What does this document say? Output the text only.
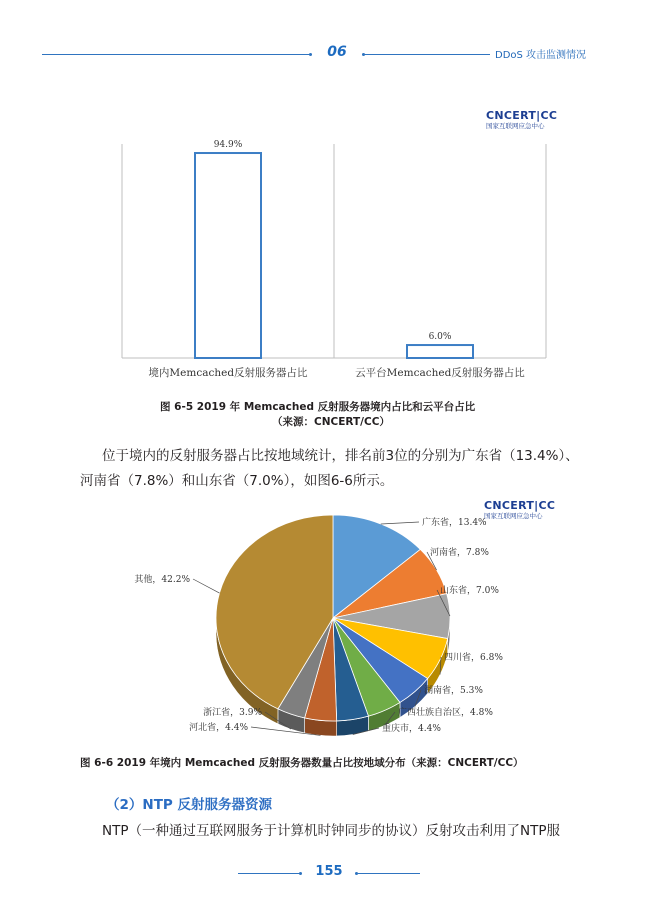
06	DDoS 攻击监测情况
94.9%
6.0%
境内Memcached反射服务器占比	云平台Memcached反射服务器占比
CNCERT|CC
国家互联网应急中心
图 6-5 2019 年 Memcached 反射服务器境内占比和云平台占比
（来源：CNCERT/CC）
位于境内的反射服务器占比按地域统计，排名前3位的分别为广东省（13.4%）、
河南省（7.8%）和山东省（7.0%），如图6-6所示。
CNCERT|CC
国家互联网应急中心
广东省，13.4%
河南省，7.8%
山东省，7.0%
四川省，6.8%
湖南省，5.3%
广西壮族自治区，4.8%
重庆市，4.4%
河北省，4.4%
浙江省，3.9%
其他，42.2%
图 6-6 2019 年境内 Memcached 反射服务器数量占比按地域分布（来源：CNCERT/CC）
（2）NTP 反射服务器资源
NTP（一种通过互联网服务于计算机时钟同步的协议）反射攻击利用了NTP服
155
